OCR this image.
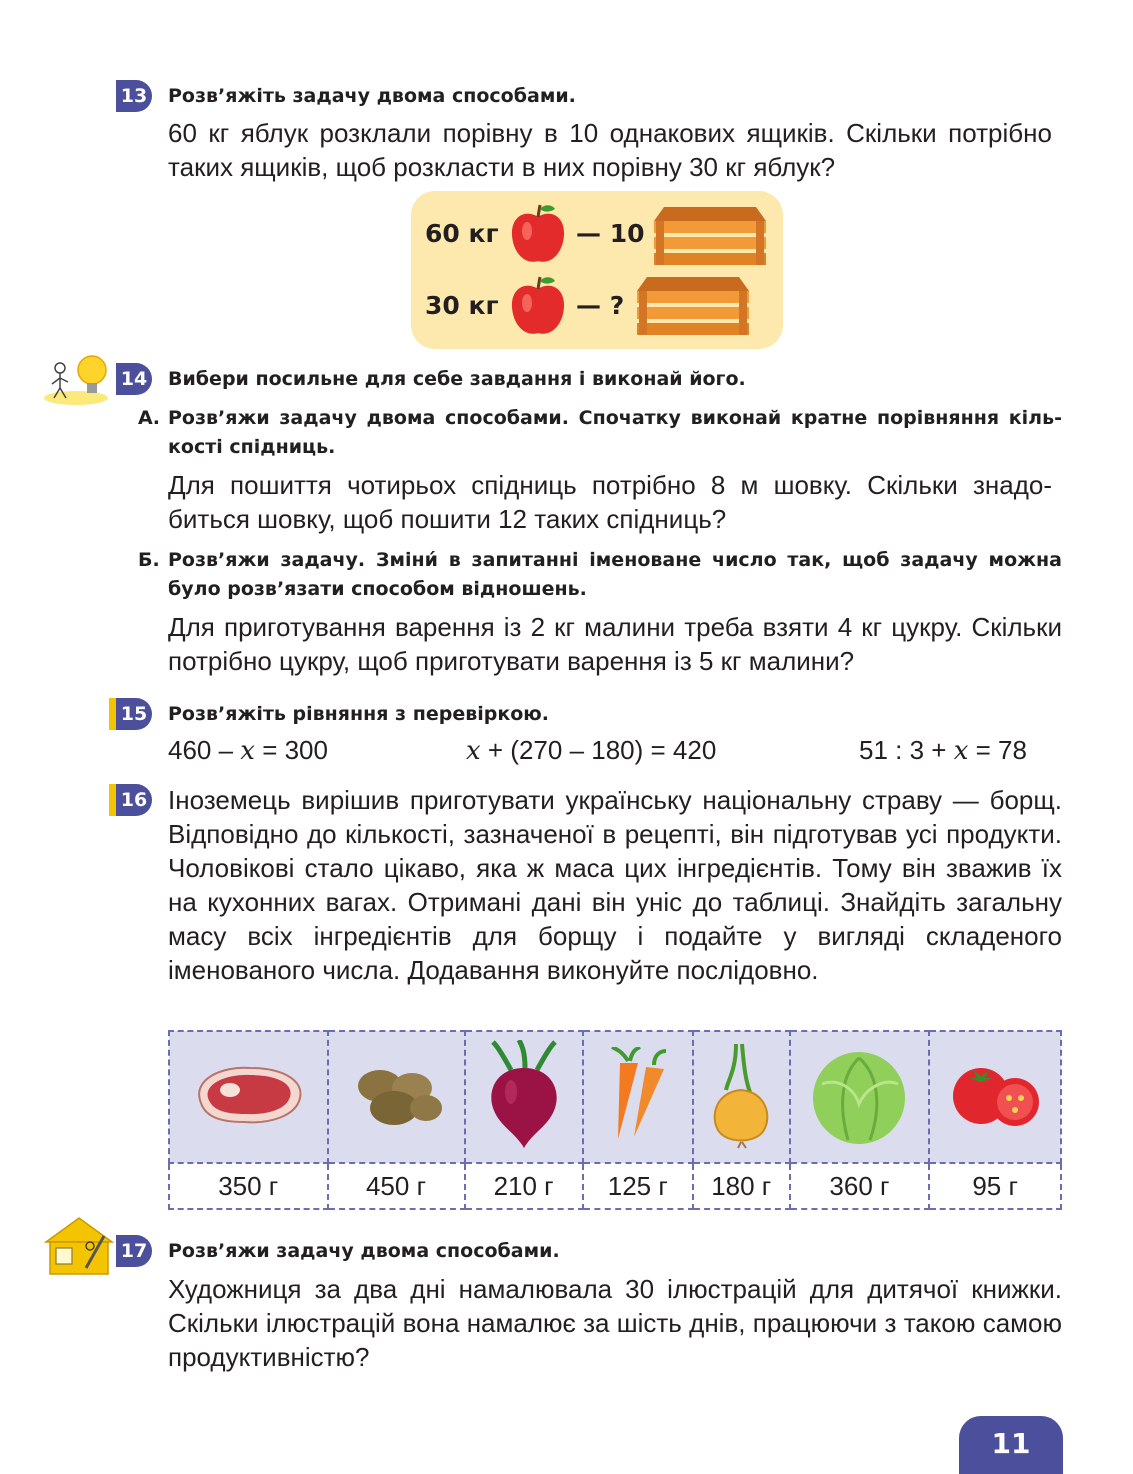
13 Розв’яжіть задачу двома способами.
60 кг яблук розклали порівну в 10 однакових ящиків. Скільки потрібно таких ящиків, щоб розкласти в них порівну 30 кг яблук?
60 кг	— 10
30 кг	— ?
14 Вибери посильне для себе завдання і виконай його.
А. Розв’яжи задачу двома способами. Спочатку виконай кратне порівняння кількості спідниць.
Для пошиття чотирьох спідниць потрібно 8 м шовку. Скільки знадобиться шовку, щоб пошити 12 таких спідниць?
Б. Розв’яжи задачу. Зміни́ в запитанні іменоване число так, щоб задачу можна було розв’язати способом відношень.
Для приготування варення із 2 кг малини треба взяти 4 кг цукру. Скільки потрібно цукру, щоб приготувати варення із 5 кг малини?
15 Розв’яжіть рівняння з перевіркою.
460 – x = 300	x + (270 – 180) = 420	51 : 3 + x = 78
16 Іноземець вирішив приготувати українську національну страву — борщ. Відповідно до кількості, зазначеної в рецепті, він підготував усі продукти. Чоловікові стало цікаво, яка ж маса цих інгредієнтів. Тому він зважив їх на кухонних вагах. Отримані дані він уніс до таблиці. Знайдіть загальну масу всіх інгредієнтів для борщу і подайте у вигляді складеного іменованого числа. Додавання виконуйте послідовно.

350 г	450 г	210 г	125 г	180 г	360 г	95 г
17 Розв’яжи задачу двома способами.
Художниця за два дні намалювала 30 ілюстрацій для дитячої книжки. Скільки ілюстрацій вона намалює за шість днів, працюючи з такою самою продуктивністю?
11
